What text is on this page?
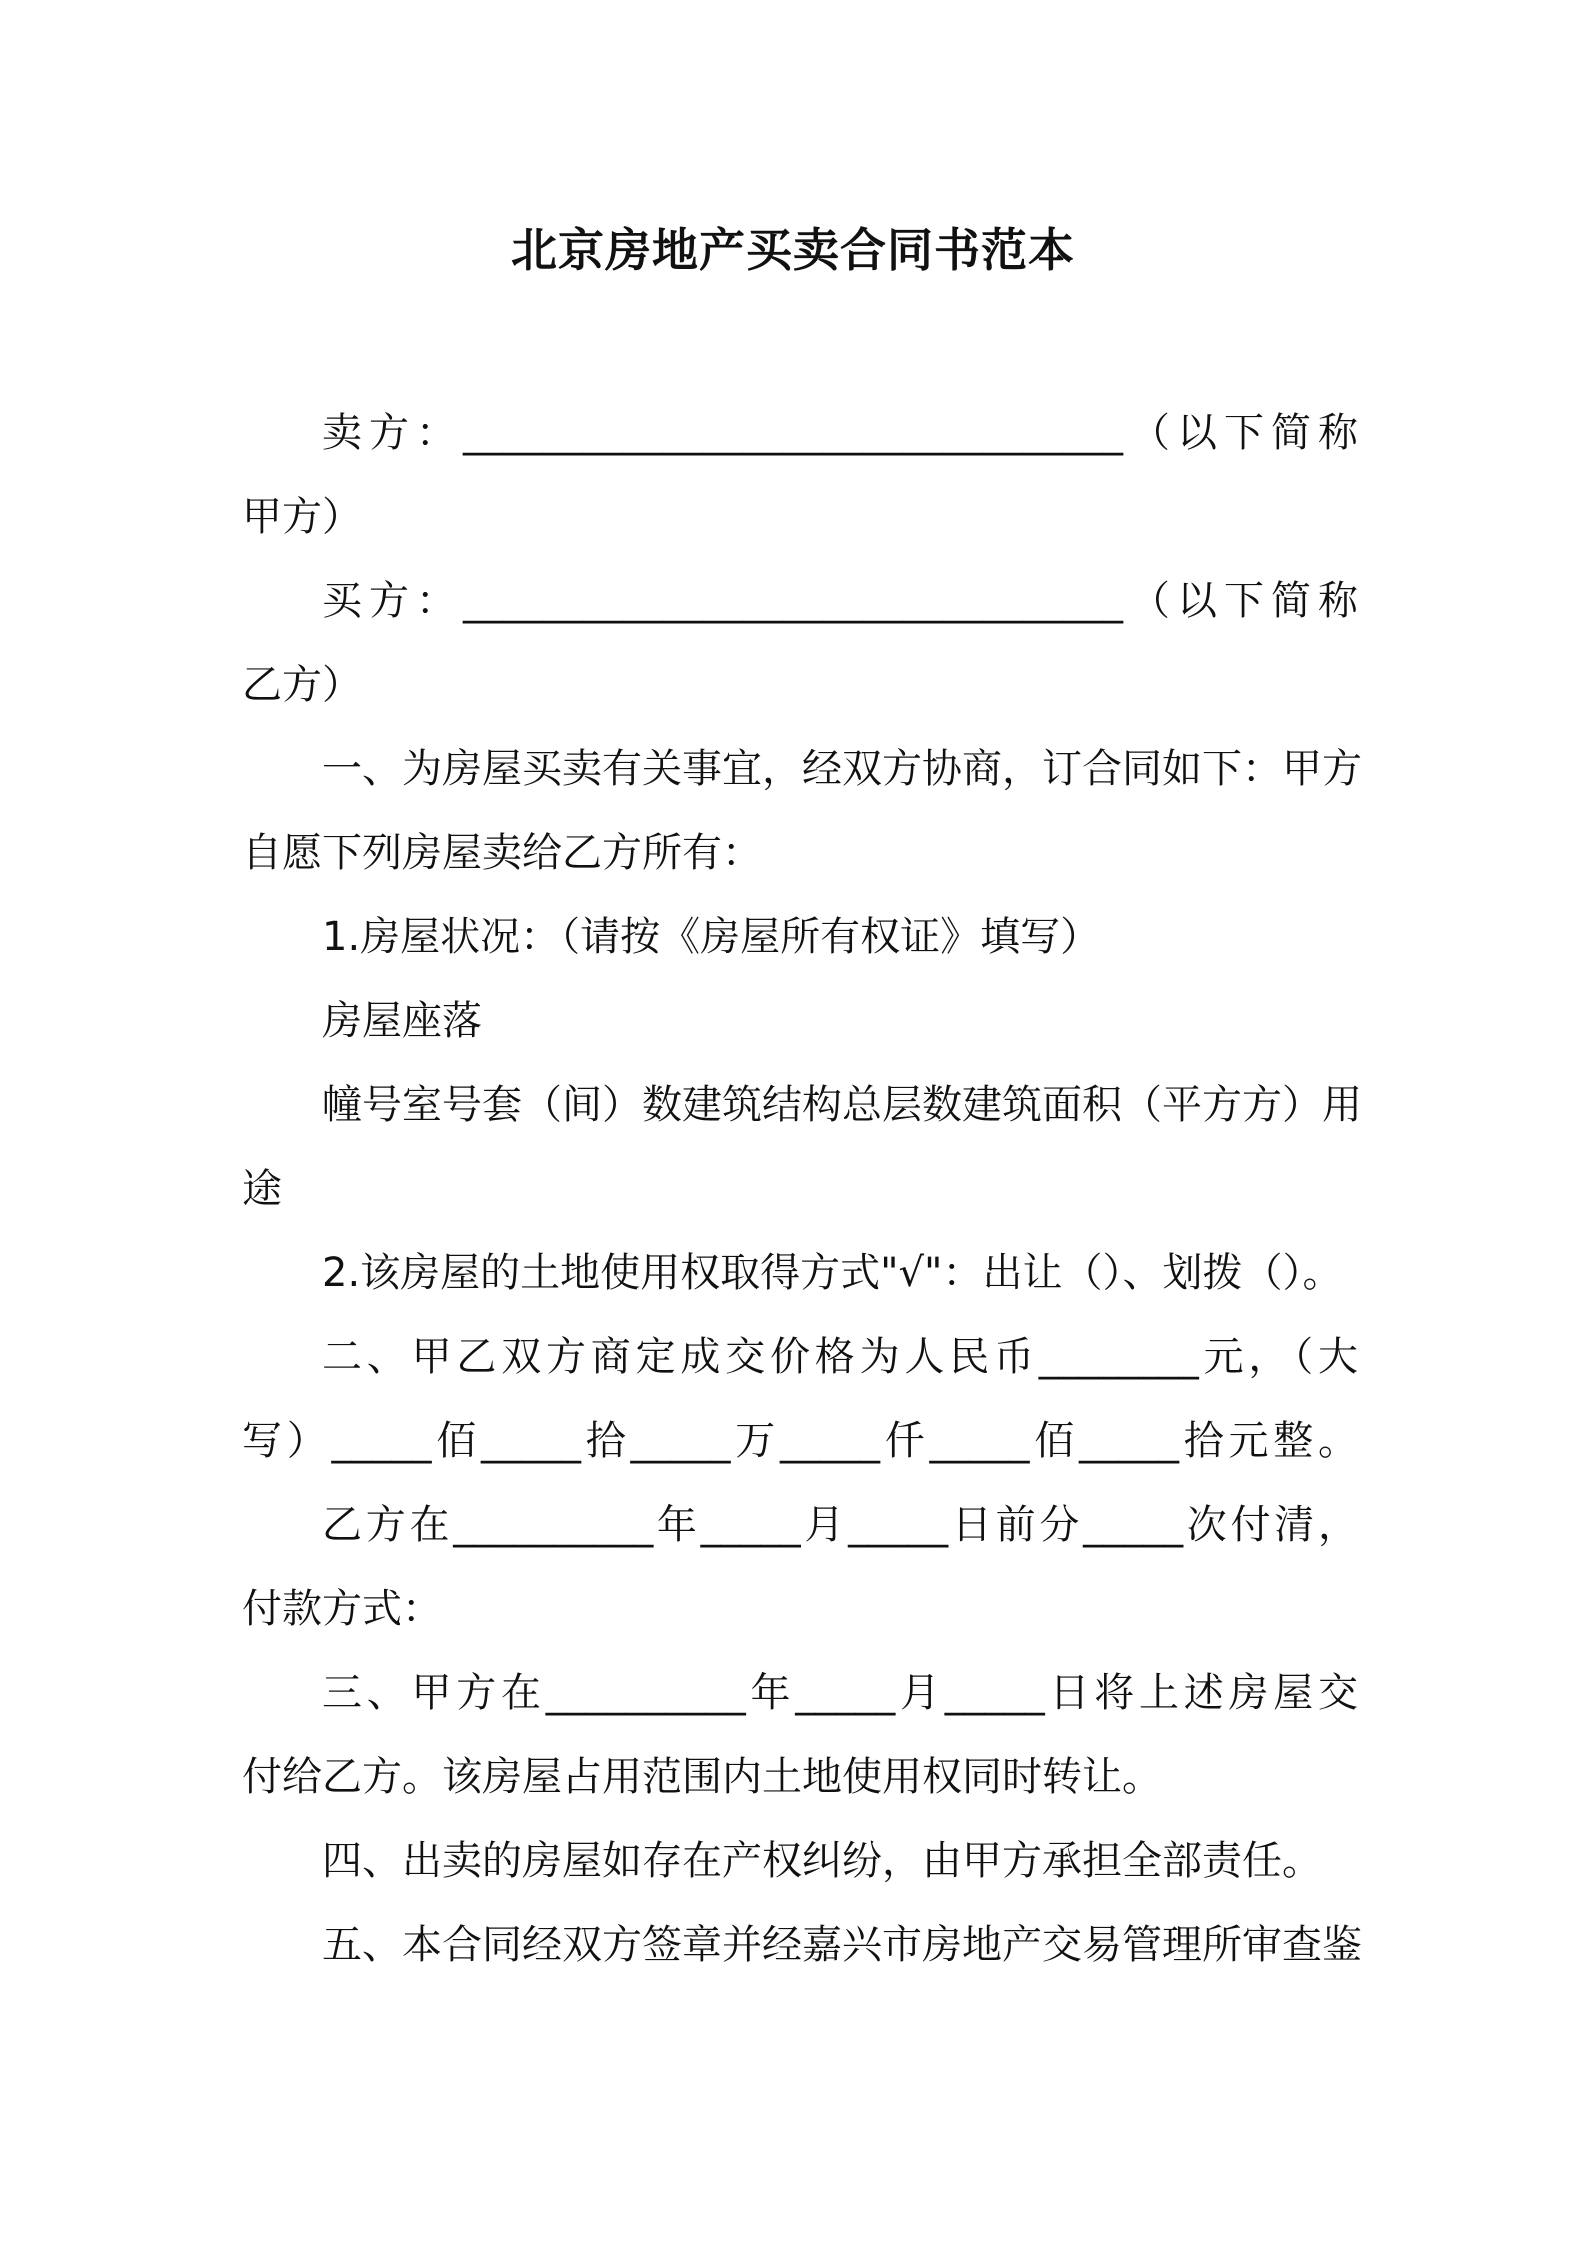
北京房地产买卖合同书范本
卖方：_________________________________（以下简称
甲方）
买方：_________________________________（以下简称
乙方）
一、为房屋买卖有关事宜，经双方协商，订合同如下：甲方
自愿下列房屋卖给乙方所有：
1.房屋状况：（请按《房屋所有权证》填写）
房屋座落
幢号室号套（间）数建筑结构总层数建筑面积（平方方）用
途
2.该房屋的土地使用权取得方式"√"：出让（）、划拨（）。
二、甲乙双方商定成交价格为人民币________元，（大
写）_____佰_____拾_____万_____仟_____佰_____拾元整。
乙方在__________年_____月_____日前分_____次付清，
付款方式：
三、甲方在__________年_____月_____日将上述房屋交
付给乙方。该房屋占用范围内土地使用权同时转让。
四、出卖的房屋如存在产权纠纷，由甲方承担全部责任。
五、本合同经双方签章并经嘉兴市房地产交易管理所审查鉴
